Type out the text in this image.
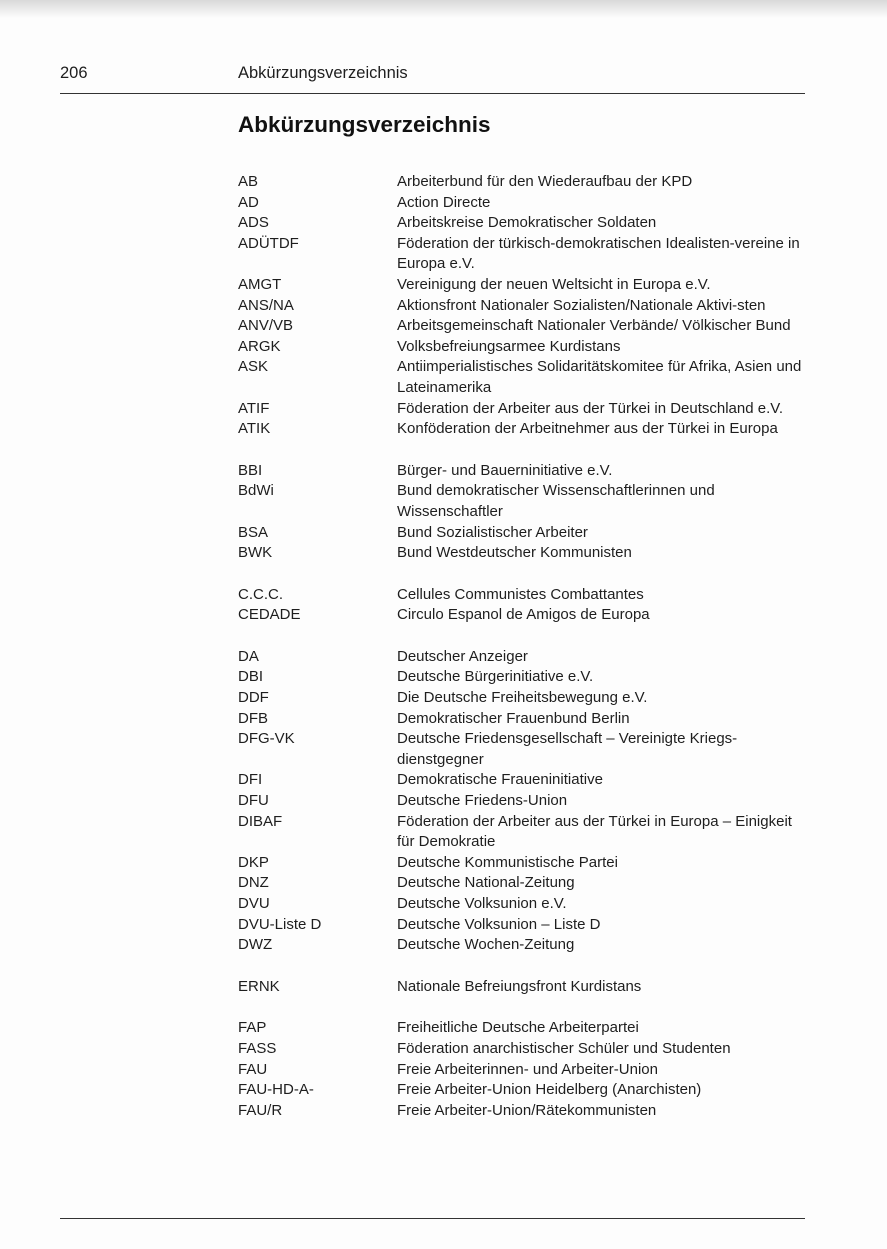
206	Abkürzungsverzeichnis
Abkürzungsverzeichnis
AB	Arbeiterbund für den Wiederaufbau der KPD
AD	Action Directe
ADS	Arbeitskreise Demokratischer Soldaten
ADÜTDF	Föderation der türkisch-demokratischen Idealisten-vereine in Europa e.V.
AMGT	Vereinigung der neuen Weltsicht in Europa e.V.
ANS/NA	Aktionsfront Nationaler Sozialisten/Nationale Aktivi-sten
ANV/VB	Arbeitsgemeinschaft Nationaler Verbände/ Völkischer Bund
ARGK	Volksbefreiungsarmee Kurdistans
ASK	Antiimperialistisches Solidaritätskomitee für Afrika, Asien und Lateinamerika
ATIF	Föderation der Arbeiter aus der Türkei in Deutschland e.V.
ATIK	Konföderation der Arbeitnehmer aus der Türkei in Europa
BBI	Bürger- und Bauerninitiative e.V.
BdWi	Bund demokratischer Wissenschaftlerinnen und Wissenschaftler
BSA	Bund Sozialistischer Arbeiter
BWK	Bund Westdeutscher Kommunisten
C.C.C.	Cellules Communistes Combattantes
CEDADE	Circulo Espanol de Amigos de Europa
DA	Deutscher Anzeiger
DBI	Deutsche Bürgerinitiative e.V.
DDF	Die Deutsche Freiheitsbewegung e.V.
DFB	Demokratischer Frauenbund Berlin
DFG-VK	Deutsche Friedensgesellschaft – Vereinigte Kriegs-dienstgegner
DFI	Demokratische Fraueninitiative
DFU	Deutsche Friedens-Union
DIBAF	Föderation der Arbeiter aus der Türkei in Europa – Einigkeit für Demokratie
DKP	Deutsche Kommunistische Partei
DNZ	Deutsche National-Zeitung
DVU	Deutsche Volksunion e.V.
DVU-Liste D	Deutsche Volksunion – Liste D
DWZ	Deutsche Wochen-Zeitung
ERNK	Nationale Befreiungsfront Kurdistans
FAP	Freiheitliche Deutsche Arbeiterpartei
FASS	Föderation anarchistischer Schüler und Studenten
FAU	Freie Arbeiterinnen- und Arbeiter-Union
FAU-HD-A-	Freie Arbeiter-Union Heidelberg (Anarchisten)
FAU/R	Freie Arbeiter-Union/Rätekommunisten
